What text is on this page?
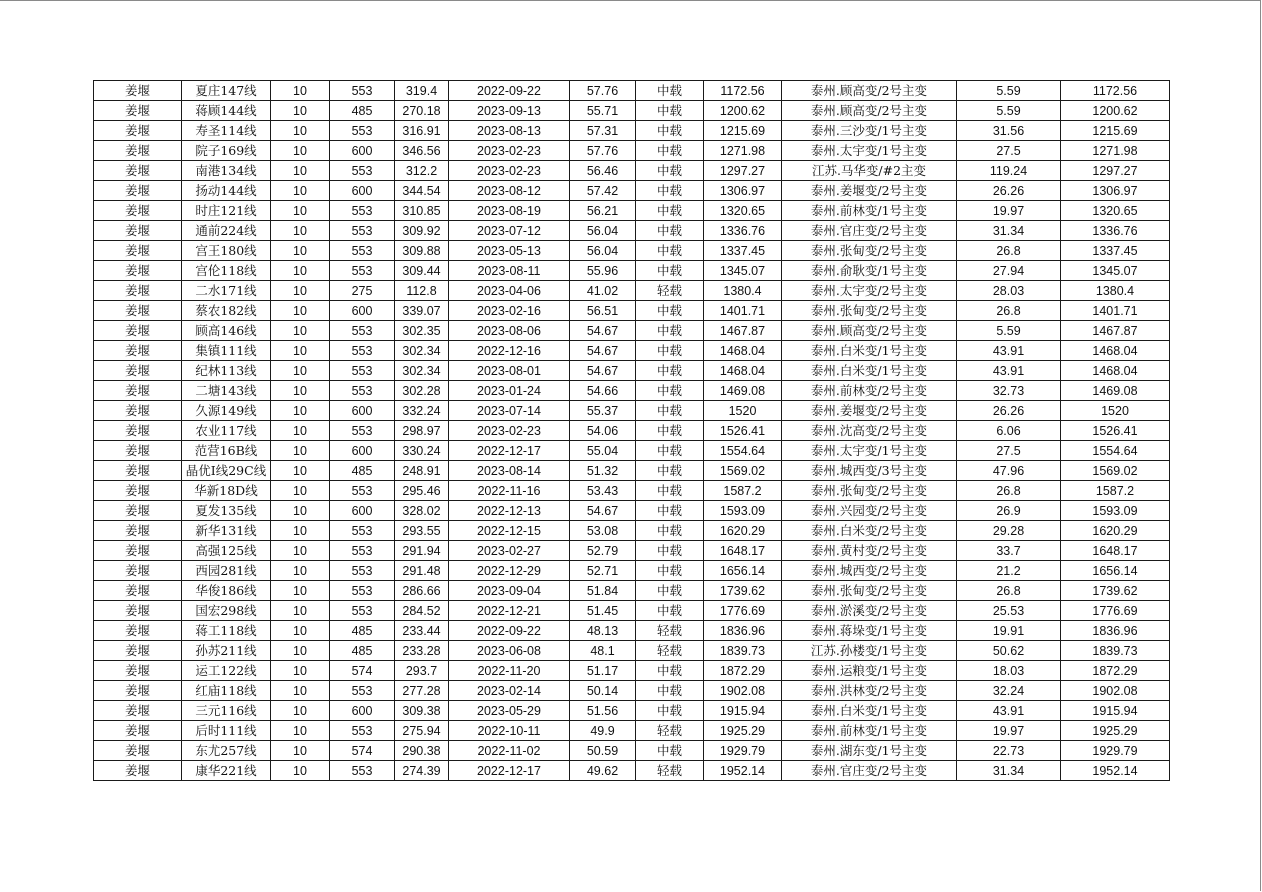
姜堰	夏庄147线	10	553	319.4	2022-09-22	57.76	中载	1172.56	泰州.顾高变/2号主变	5.59	1172.56
姜堰	蒋顾144线	10	485	270.18	2023-09-13	55.71	中载	1200.62	泰州.顾高变/2号主变	5.59	1200.62
姜堰	寿圣114线	10	553	316.91	2023-08-13	57.31	中载	1215.69	泰州.三沙变/1号主变	31.56	1215.69
姜堰	院子169线	10	600	346.56	2023-02-23	57.76	中载	1271.98	泰州.太宇变/1号主变	27.5	1271.98
姜堰	南港134线	10	553	312.2	2023-02-23	56.46	中载	1297.27	江苏.马华变/#2主变	119.24	1297.27
姜堰	扬动144线	10	600	344.54	2023-08-12	57.42	中载	1306.97	泰州.姜堰变/2号主变	26.26	1306.97
姜堰	时庄121线	10	553	310.85	2023-08-19	56.21	中载	1320.65	泰州.前林变/1号主变	19.97	1320.65
姜堰	通前224线	10	553	309.92	2023-07-12	56.04	中载	1336.76	泰州.官庄变/2号主变	31.34	1336.76
姜堰	宫王180线	10	553	309.88	2023-05-13	56.04	中载	1337.45	泰州.张甸变/2号主变	26.8	1337.45
姜堰	宫伦118线	10	553	309.44	2023-08-11	55.96	中载	1345.07	泰州.俞耿变/1号主变	27.94	1345.07
姜堰	二水171线	10	275	112.8	2023-04-06	41.02	轻载	1380.4	泰州.太宇变/2号主变	28.03	1380.4
姜堰	蔡农182线	10	600	339.07	2023-02-16	56.51	中载	1401.71	泰州.张甸变/2号主变	26.8	1401.71
姜堰	顾高146线	10	553	302.35	2023-08-06	54.67	中载	1467.87	泰州.顾高变/2号主变	5.59	1467.87
姜堰	集镇111线	10	553	302.34	2022-12-16	54.67	中载	1468.04	泰州.白米变/1号主变	43.91	1468.04
姜堰	纪林113线	10	553	302.34	2023-08-01	54.67	中载	1468.04	泰州.白米变/1号主变	43.91	1468.04
姜堰	二塘143线	10	553	302.28	2023-01-24	54.66	中载	1469.08	泰州.前林变/2号主变	32.73	1469.08
姜堰	久源149线	10	600	332.24	2023-07-14	55.37	中载	1520	泰州.姜堰变/2号主变	26.26	1520
姜堰	农业117线	10	553	298.97	2023-02-23	54.06	中载	1526.41	泰州.沈高变/2号主变	6.06	1526.41
姜堰	范营16B线	10	600	330.24	2022-12-17	55.04	中载	1554.64	泰州.太宇变/1号主变	27.5	1554.64
姜堰	晶优Ⅰ线29C线	10	485	248.91	2023-08-14	51.32	中载	1569.02	泰州.城西变/3号主变	47.96	1569.02
姜堰	华新18D线	10	553	295.46	2022-11-16	53.43	中载	1587.2	泰州.张甸变/2号主变	26.8	1587.2
姜堰	夏发135线	10	600	328.02	2022-12-13	54.67	中载	1593.09	泰州.兴园变/2号主变	26.9	1593.09
姜堰	新华131线	10	553	293.55	2022-12-15	53.08	中载	1620.29	泰州.白米变/2号主变	29.28	1620.29
姜堰	高强125线	10	553	291.94	2023-02-27	52.79	中载	1648.17	泰州.黄村变/2号主变	33.7	1648.17
姜堰	西园281线	10	553	291.48	2022-12-29	52.71	中载	1656.14	泰州.城西变/2号主变	21.2	1656.14
姜堰	华俊186线	10	553	286.66	2023-09-04	51.84	中载	1739.62	泰州.张甸变/2号主变	26.8	1739.62
姜堰	国宏298线	10	553	284.52	2022-12-21	51.45	中载	1776.69	泰州.淤溪变/2号主变	25.53	1776.69
姜堰	蒋工118线	10	485	233.44	2022-09-22	48.13	轻载	1836.96	泰州.蒋垛变/1号主变	19.91	1836.96
姜堰	孙苏211线	10	485	233.28	2023-06-08	48.1	轻载	1839.73	江苏.孙楼变/1号主变	50.62	1839.73
姜堰	运工122线	10	574	293.7	2022-11-20	51.17	中载	1872.29	泰州.运粮变/1号主变	18.03	1872.29
姜堰	红庙118线	10	553	277.28	2023-02-14	50.14	中载	1902.08	泰州.洪林变/2号主变	32.24	1902.08
姜堰	三元116线	10	600	309.38	2023-05-29	51.56	中载	1915.94	泰州.白米变/1号主变	43.91	1915.94
姜堰	后时111线	10	553	275.94	2022-10-11	49.9	轻载	1925.29	泰州.前林变/1号主变	19.97	1925.29
姜堰	东尤257线	10	574	290.38	2022-11-02	50.59	中载	1929.79	泰州.湖东变/1号主变	22.73	1929.79
姜堰	康华221线	10	553	274.39	2022-12-17	49.62	轻载	1952.14	泰州.官庄变/2号主变	31.34	1952.14
